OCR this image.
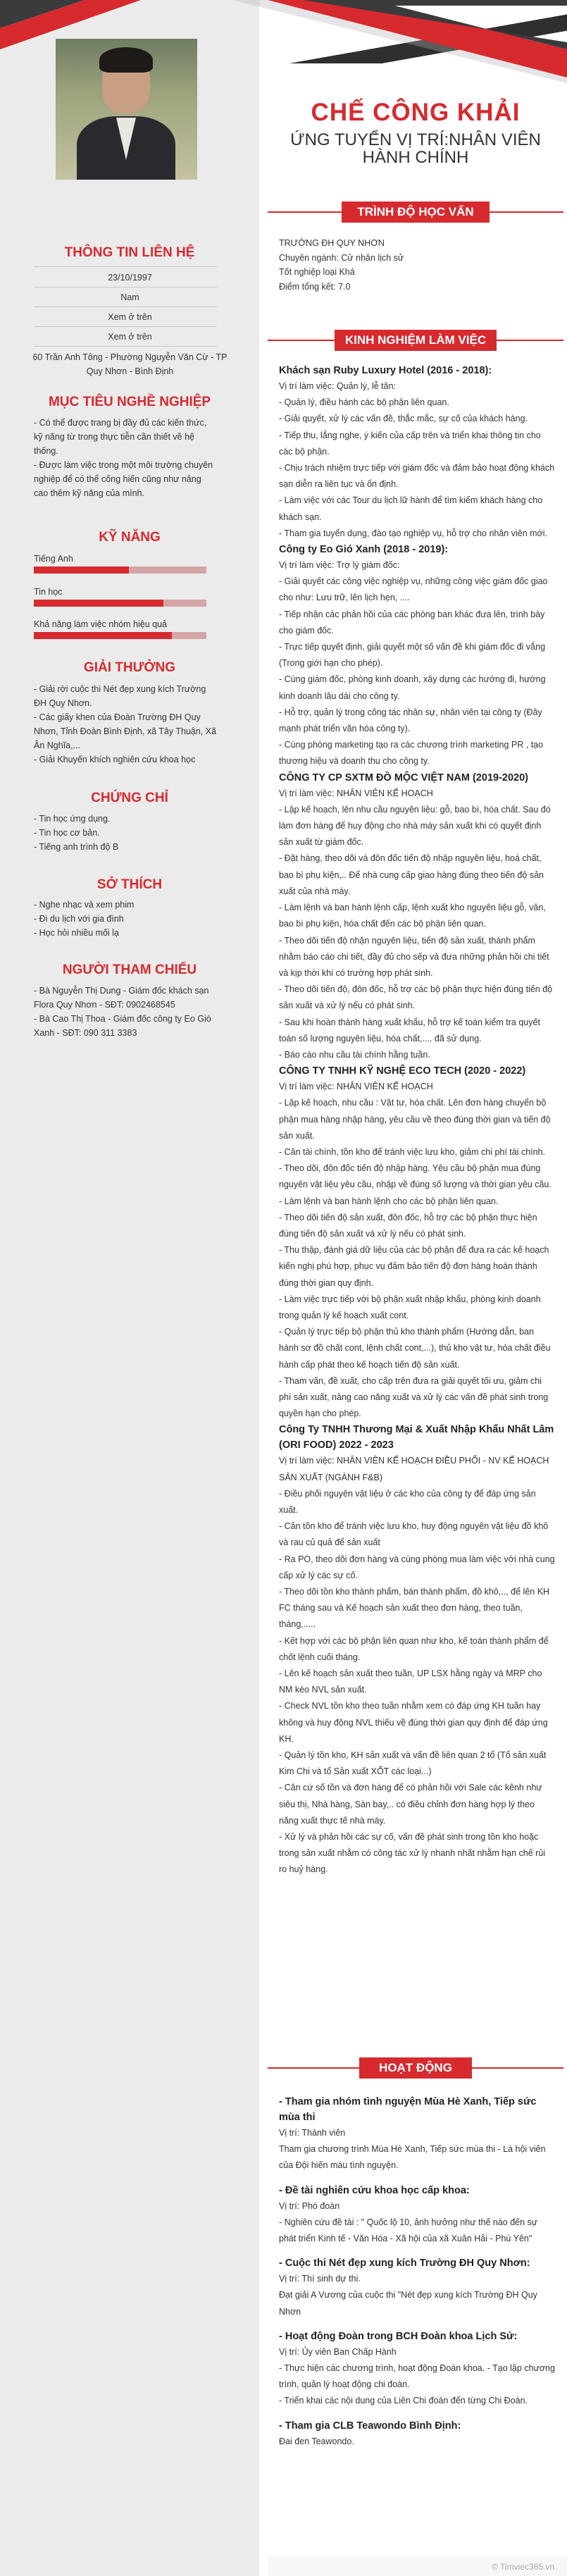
CHẾ CÔNG KHẢI
ỨNG TUYỂN VỊ TRÍ:NHÂN VIÊN HÀNH CHÍNH
THÔNG TIN LIÊN HỆ
23/10/1997
Nam
Xem ở trên
Xem ở trên
60 Trần Anh Tông - Phường Nguyễn Văn Cừ - TP Quy Nhơn - Bình Định
MỤC TIÊU NGHỀ NGHIỆP

- Có thể được trang bị đầy đủ các kiến thức, kỹ năng từ trong thực tiễn cần thiết về hệ thống.

- Được làm việc trong một môi trường chuyên nghiệp để có thể cống hiến cũng như nâng cao thêm kỹ năng của mình.

KỸ NĂNG
Tiếng Anh
Tin học
Khả năng làm việc nhóm hiệu quả
GIẢI THƯỞNG

- Giải rời cuộc thi Nét đẹp xung kích Trường ĐH Quy Nhơn.

- Các giấy khen của Đoàn Trường ĐH Quy Nhơn, Tỉnh Đoàn Bình Định, xã Tây Thuận, Xã Ân Nghĩa,...

- Giải Khuyến khích nghiên cứu khoa học

CHỨNG CHỈ

- Tin học ứng dụng.

- Tin học cơ bản.

- Tiếng anh trình độ B

SỞ THÍCH

- Nghe nhạc và xem phim

- Đi du lịch với gia đình

- Học hỏi nhiều mối lạ

NGƯỜI THAM CHIẾU

- Bà Nguyễn Thị Dung - Giám đốc khách sạn Flora Quy Nhơn - SĐT: 0902468545

- Bà Cao Thị Thoa - Giám đốc công ty Eo Gió Xanh - SĐT: 090 311 3383

TRÌNH ĐỘ HỌC VẤN

TRƯỜNG ĐH QUY NHƠN

Chuyên ngành: Cử nhân lịch sử

Tốt nghiệp loại Khá

Điểm tổng kết: 7.0

KINH NGHIỆM LÀM VIỆC

Khách sạn Ruby Luxury Hotel (2016 - 2018):

Vị trí làm việc: Quản lý, lễ tân:

- Quản lý, điều hành các bộ phận liên quan.

- Giải quyết, xử lý các vấn đề, thắc mắc, sự cố của khách hàng.

- Tiếp thu, lắng nghe, ý kiến của cấp trên và triển khai thông tin cho các bộ phận.

- Chịu trách nhiệm trực tiếp với giám đốc và đảm bảo hoạt động khách sạn diễn ra liên tục và ổn định.

- Làm việc với các Tour du lịch lữ hành để tìm kiếm khách hàng cho khách sạn.

- Tham gia tuyển dụng, đào tạo nghiệp vụ, hỗ trợ cho nhân viên mới.

Công ty Eo Gió Xanh (2018 - 2019):

Vị trí làm việc: Trợ lý giám đốc:

- Giải quyết các công việc nghiệp vụ, những công việc giám đốc giao cho như: Lưu trữ, lên lịch hẹn, ....

- Tiếp nhận các phản hồi của các phòng ban khác đưa lên, trình bày cho giám đốc.

- Trực tiếp quyết định, giải quyết một số vấn đề khi giám đốc đi vắng (Trong giới hạn cho phép).

- Cùng giám đốc, phòng kinh doanh, xây dựng các hướng đi, hướng kinh doanh lâu dài cho công ty.

- Hỗ trợ, quản lý trong công tác nhân sự, nhân viên tại công ty (Đây mạnh phát triển văn hóa công ty).

- Cùng phòng marketing tạo ra các chương trình marketing PR , tạo thương hiệu và doanh thu cho công ty.

CÔNG TY CP SXTM ĐỒ MỘC VIỆT NAM (2019-2020)

Vị trí làm việc: NHÂN VIÊN KẾ HOẠCH

- Lập kế hoạch, lên nhu cầu nguyên liệu: gỗ, bao bì, hóa chất. Sau đó làm đơn hàng để huy động cho nhà máy sản xuất khi có quyết định sản xuất từ giám đốc.

- Đặt hàng, theo dõi và đôn đốc tiến độ nhập nguyên liệu, hoá chất, bao bì phụ kiện,.. Để nhà cung cấp giao hàng đúng theo tiến độ sản xuất của nhà máy.

- Làm lệnh và ban hành lệnh cấp, lệnh xuất kho nguyên liệu gỗ, vân, bao bì phụ kiện, hóa chất đến các bộ phận liên quan.

- Theo dõi tiến độ nhận nguyên liệu, tiến độ sản xuất, thành phẩm nhằm báo cáo chi tiết, đầy đủ cho sếp và đưa những phản hồi chi tiết và kịp thời khi có trường hợp phát sinh.

- Theo dõi tiến độ, đôn đốc, hỗ trợ các bộ phận thực hiện đúng tiến độ sản xuất và xử lý nếu có phát sinh.

- Sau khi hoàn thành hàng xuất khẩu, hỗ trợ kế toán kiểm tra quyết toán số lượng nguyên liệu, hóa chất,.... đã sử dụng.

- Báo cáo nhu cầu tài chính hằng tuần.

CÔNG TY TNHH KỸ NGHỆ ECO TECH (2020 - 2022)

Vị trí làm việc: NHÂN VIÊN KẾ HOẠCH

- Lập kế hoạch, nhu cầu : Vật tư, hóa chất. Lên đơn hàng chuyển bộ phận mua hàng nhập hàng, yêu cầu về theo đúng thời gian và tiến độ sản xuất.

- Cân tài chính, tồn kho để tránh việc lưu kho, giảm chi phí tài chính.

- Theo dõi, đôn đốc tiến độ nhập hàng. Yêu cầu bộ phận mua đúng nguyên vật liệu yêu cầu, nhập về đúng số lượng và thời gian yêu cầu.

- Làm lệnh và ban hành lệnh cho các bộ phận liên quan.

- Theo dõi tiến độ sản xuất, đôn đốc, hỗ trợ các bộ phận thực hiện đúng tiến độ sản xuất và xử lý nếu có phát sinh.

- Thu thập, đánh giá dữ liệu của các bộ phận để đưa ra các kế hoạch kiến nghị phù hợp, phục vụ đảm bảo tiến độ đơn hàng hoàn thành đúng thời gian quy định.

- Làm việc trực tiếp với bộ phận xuất nhập khẩu, phòng kinh doanh trong quản lý kế hoạch xuất cont.

- Quản lý trực tiếp bộ phận thủ kho thành phẩm (Hướng dẫn, ban hành sơ đồ chất cont, lệnh chất cont,...), thủ kho vật tư, hóa chất điều hành cấp phát theo kế hoạch tiến độ sản xuất.

- Tham vấn, đề xuất, cho cấp trên đưa ra giải quyết tối ưu, giảm chi phí sản xuất, nâng cao năng xuất và xử lý các vấn đề phát sinh trong quyền hạn cho phép.

Công Ty TNHH Thương Mại & Xuất Nhập Khẩu Nhất Lâm (ORI FOOD) 2022 - 2023

Vị trí làm việc: NHÂN VIÊN KẾ HOẠCH ĐIỀU PHỐI - NV KẾ HOẠCH SẢN XUẤT (NGÀNH F&B)

- Điều phối nguyên vật liệu ở các kho của công ty để đáp ứng sản xuất.

- Cân tồn kho để tránh việc lưu kho, huy động nguyên vật liệu đồ khô và rau củ quả để sản xuất

- Ra PO, theo dõi đơn hàng và cùng phòng mua làm việc với nhà cung cấp xử lý các sự cố.

- Theo dõi tồn kho thành phẩm, bán thành phẩm, đồ khô,.., để lên KH FC tháng sau và Kế hoạch sản xuất theo đơn hàng, theo tuần, tháng,.....

- Kết hợp với các bộ phận liên quan như kho, kế toán thành phẩm để chốt lệnh cuối tháng.

- Lên kế hoạch sản xuất theo tuần, UP LSX hằng ngày và MRP cho NM kéo NVL sản xuất.

- Check NVL tồn kho theo tuần nhằm xem có đáp ứng KH tuần hay không và huy động NVL thiếu về đúng thời gian quy định để đáp ứng KH.

- Quản lý tồn kho, KH sản xuất và vấn đề liên quan 2 tổ (Tổ sản xuất Kim Chi và tổ Sản xuất XỐT các loại...)

- Cân cứ số tồn và đơn hàng để có phản hồi với Sale các kênh như siêu thị, Nhà hàng, Sàn bay,.. có điều chỉnh đơn hàng hợp lý theo năng xuất thực tế nhà máy.

- Xử lý và phản hồi các sự cố, vấn đề phát sinh trong tồn kho hoặc trong sản xuất nhằm có công tác xử lý nhanh nhất nhằm hạn chế rủi ro huỷ hàng.

HOẠT ĐỘNG

- Tham gia nhóm tình nguyện Mùa Hè Xanh, Tiếp sức mùa thi

Vị trí: Thành viên

Tham gia chương trình Mùa Hè Xanh, Tiếp sức mùa thi - Là hội viên của Đội hiến máu tình nguyện.

- Đề tài nghiên cứu khoa học cấp khoa:

Vị trí: Phó đoàn

- Nghiên cứu đề tài : " Quốc lộ 10, ảnh hưởng như thế nào đến sự phát triển Kinh tế - Văn Hóa - Xã hội của xã Xuân Hải - Phù Yên"

- Cuộc thi Nét đẹp xung kích Trường ĐH Quy Nhơn:

Vị trí: Thí sinh dự thi.

Đạt giải A Vương của cuộc thi "Nét đẹp xung kích Trường ĐH Quy Nhơn

- Hoạt động Đoàn trong BCH Đoàn khoa Lịch Sử:

Vị trí: Ủy viên Ban Chấp Hành

- Thực hiện các chương trình, hoạt động Đoàn khoa. - Tạo lập chương trình, quản lý hoạt động chi đoàn.

- Triển khai các nội dung của Liên Chi đoàn đến từng Chi Đoàn.

- Tham gia CLB Teawondo Bình Định:

Đai đen Teawondo.

© Timviec365.vn
